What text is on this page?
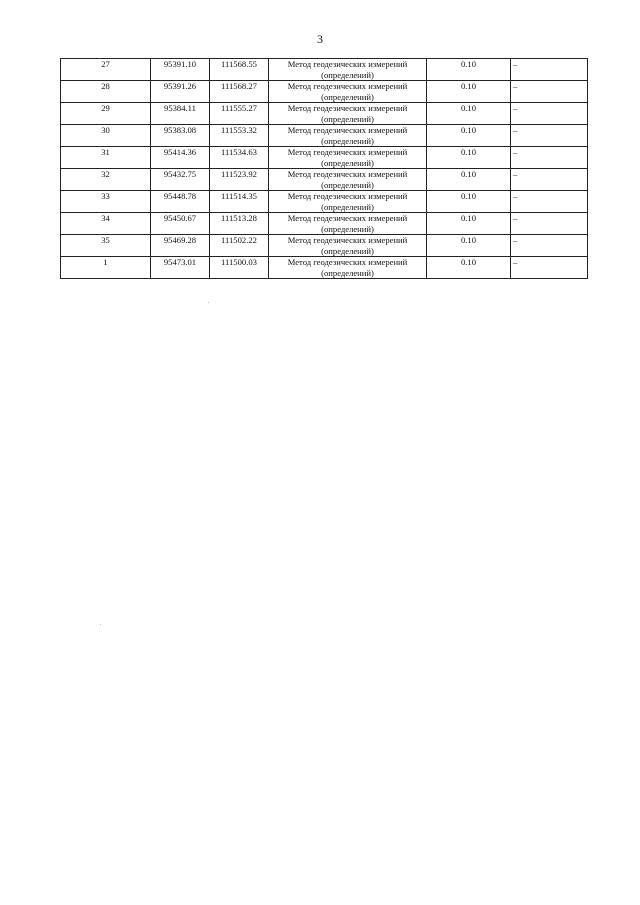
3
27	95391.10	111568.55	Метод геодезических измерений (определений)	0.10	–
28	95391.26	111568.27	Метод геодезических измерений (определений)	0.10	–
29	95384.11	111555.27	Метод геодезических измерений (определений)	0.10	–
30	95383.08	111553.32	Метод геодезических измерений (определений)	0.10	–
31	95414.36	111534.63	Метод геодезических измерений (определений)	0.10	–
32	95432.75	111523.92	Метод геодезических измерений (определений)	0.10	–
33	95448.78	111514.35	Метод геодезических измерений (определений)	0.10	–
34	95450.67	111513.28	Метод геодезических измерений (определений)	0.10	–
35	95469.28	111502.22	Метод геодезических измерений (определений)	0.10	–
1	95473.01	111500.03	Метод геодезических измерений (определений)	0.10	–
